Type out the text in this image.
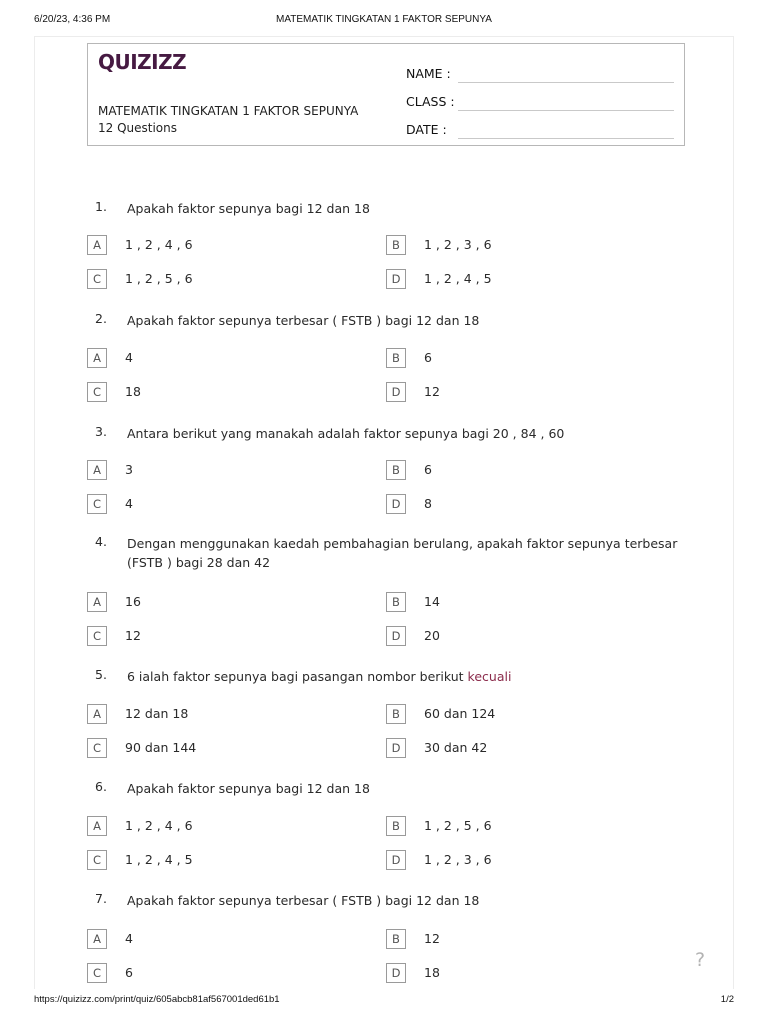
6/20/23, 4:36 PM	MATEMATIK TINGKATAN 1 FAKTOR SEPUNYA
QUIZIZZ
MATEMATIK TINGKATAN 1 FAKTOR SEPUNYA
12 Questions
NAME :
CLASS :
DATE :
1. Apakah faktor sepunya bagi 12 dan 18
A	1 , 2 , 4 , 6	B	1 , 2 , 3 , 6
C	1 , 2 , 5 , 6	D	1 , 2 , 4 , 5
2. Apakah faktor sepunya terbesar ( FSTB ) bagi 12 dan 18
A	4	B	6
C	18	D	12
3. Antara berikut yang manakah adalah faktor sepunya bagi 20 , 84 , 60
A	3	B	6
C	4	D	8
4. Dengan menggunakan kaedah pembahagian berulang, apakah faktor sepunya terbesar (FSTB ) bagi 28 dan 42
A	16	B	14
C	12	D	20
5. 6 ialah faktor sepunya bagi pasangan nombor berikut kecuali
A	12 dan 18	B	60 dan 124
C	90 dan 144	D	30 dan 42
6. Apakah faktor sepunya bagi 12 dan 18
A	1 , 2 , 4 , 6	B	1 , 2 , 5 , 6
C	1 , 2 , 4 , 5	D	1 , 2 , 3 , 6
7. Apakah faktor sepunya terbesar ( FSTB ) bagi 12 dan 18
A	4	B	12
C	6	D	18
?
https://quizizz.com/print/quiz/605abcb81af567001ded61b1	1/2
